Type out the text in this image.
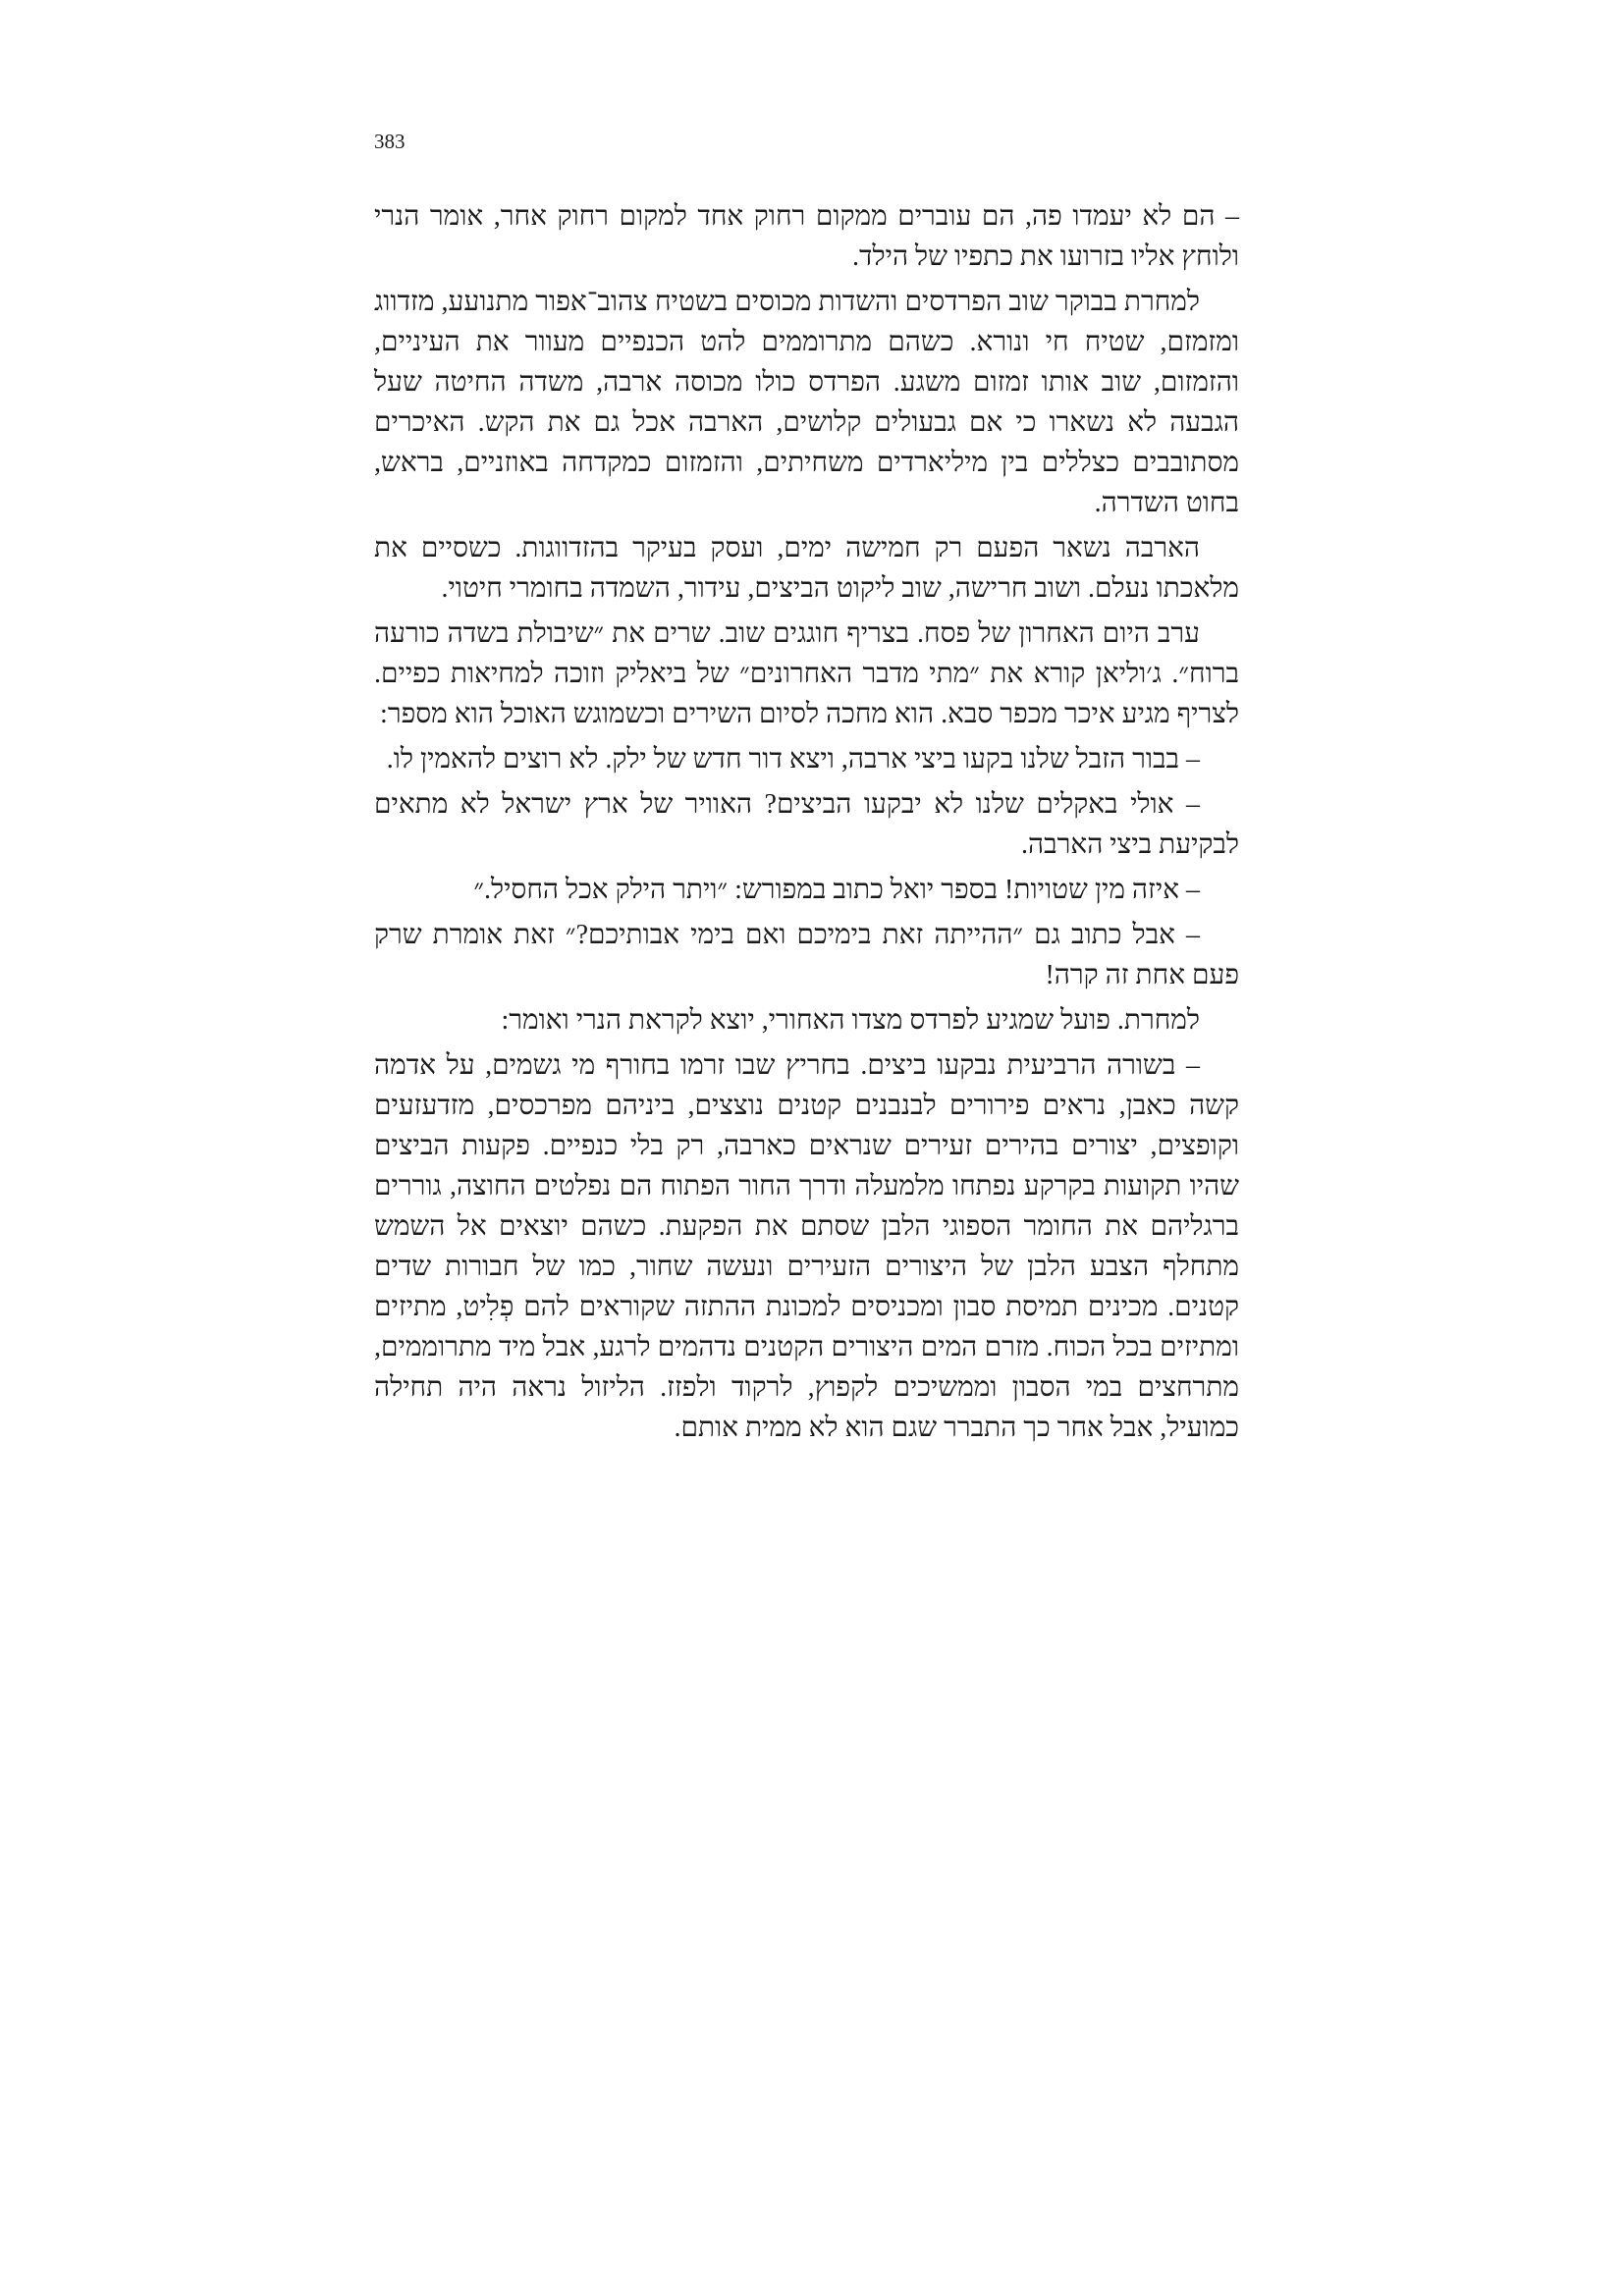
383

– הם לא יעמדו פה, הם עוברים ממקום רחוק אחד למקום רחוק אחר, אומר הנרי ולוחץ אליו בזרועו את כתפיו של הילד.

למחרת בבוקר שוב הפרדסים והשדות מכוסים בשטיח צהוב־אפור מתנועע, מזדווג ומזמזם, שטיח חי ונורא. כשהם מתרוממים להט הכנפיים מעוור את העיניים, והזמזום, שוב אותו זמזום משגע. הפרדס כולו מכוסה ארבה, משדה החיטה שעל הגבעה לא נשארו כי אם גבעולים קלושים, הארבה אכל גם את הקש. האיכרים מסתובבים כצללים בין מיליארדים משחיתים, והזמזום כמקדחה באוזניים, בראש, בחוט השדרה.

הארבה נשאר הפעם רק חמישה ימים, ועסק בעיקר בהזדווגות. כשסיים את מלאכתו נעלם. ושוב חרישה, שוב ליקוט הביצים, עידור, השמדה בחומרי חיטוי.

ערב היום האחרון של פסח. בצריף חוגגים שוב. שרים את ״שיבולת בשדה כורעה ברוח״. ג׳וליאן קורא את ״מתי מדבר האחרונים״ של ביאליק וזוכה למחיאות כפיים. לצריף מגיע איכר מכפר סבא. הוא מחכה לסיום השירים וכשמוגש האוכל הוא מספר:

– בבור הזבל שלנו בקעו ביצי ארבה, ויצא דור חדש של ילק. לא רוצים להאמין לו.

– אולי באקלים שלנו לא יבקעו הביצים? האוויר של ארץ ישראל לא מתאים לבקיעת ביצי הארבה.

– איזה מין שטויות! בספר יואל כתוב במפורש: ״ויתר הילק אכל החסיל.״

– אבל כתוב גם ״ההייתה זאת בימיכם ואם בימי אבותיכם?״ זאת אומרת שרק פעם אחת זה קרה!

למחרת. פועל שמגיע לפרדס מצדו האחורי, יוצא לקראת הנרי ואומר:

– בשורה הרביעית נבקעו ביצים. בחריץ שבו זרמו בחורף מי גשמים, על אדמה קשה כאבן, נראים פירורים לבנבנים קטנים נוצצים, ביניהם מפרכסים, מזדעזעים וקופצים, יצורים בהירים זעירים שנראים כארבה, רק בלי כנפיים. פקעות הביצים שהיו תקועות בקרקע נפתחו מלמעלה ודרך החור הפתוח הם נפלטים החוצה, גוררים ברגליהם את החומר הספוגי הלבן שסתם את הפקעת. כשהם יוצאים אל השמש מתחלף הצבע הלבן של היצורים הזעירים ונעשה שחור, כמו של חבורות שדים קטנים. מכינים תמיסת סבון ומכניסים למכונת ההתזה שקוראים להם פְלִיט, מתיזים ומתיזים בכל הכוח. מזרם המים היצורים הקטנים נדהמים לרגע, אבל מיד מתרוממים, מתרחצים במי הסבון וממשיכים לקפוץ, לרקוד ולפזז. הליזול נראה היה תחילה כמועיל, אבל אחר כך התברר שגם הוא לא ממית אותם.
